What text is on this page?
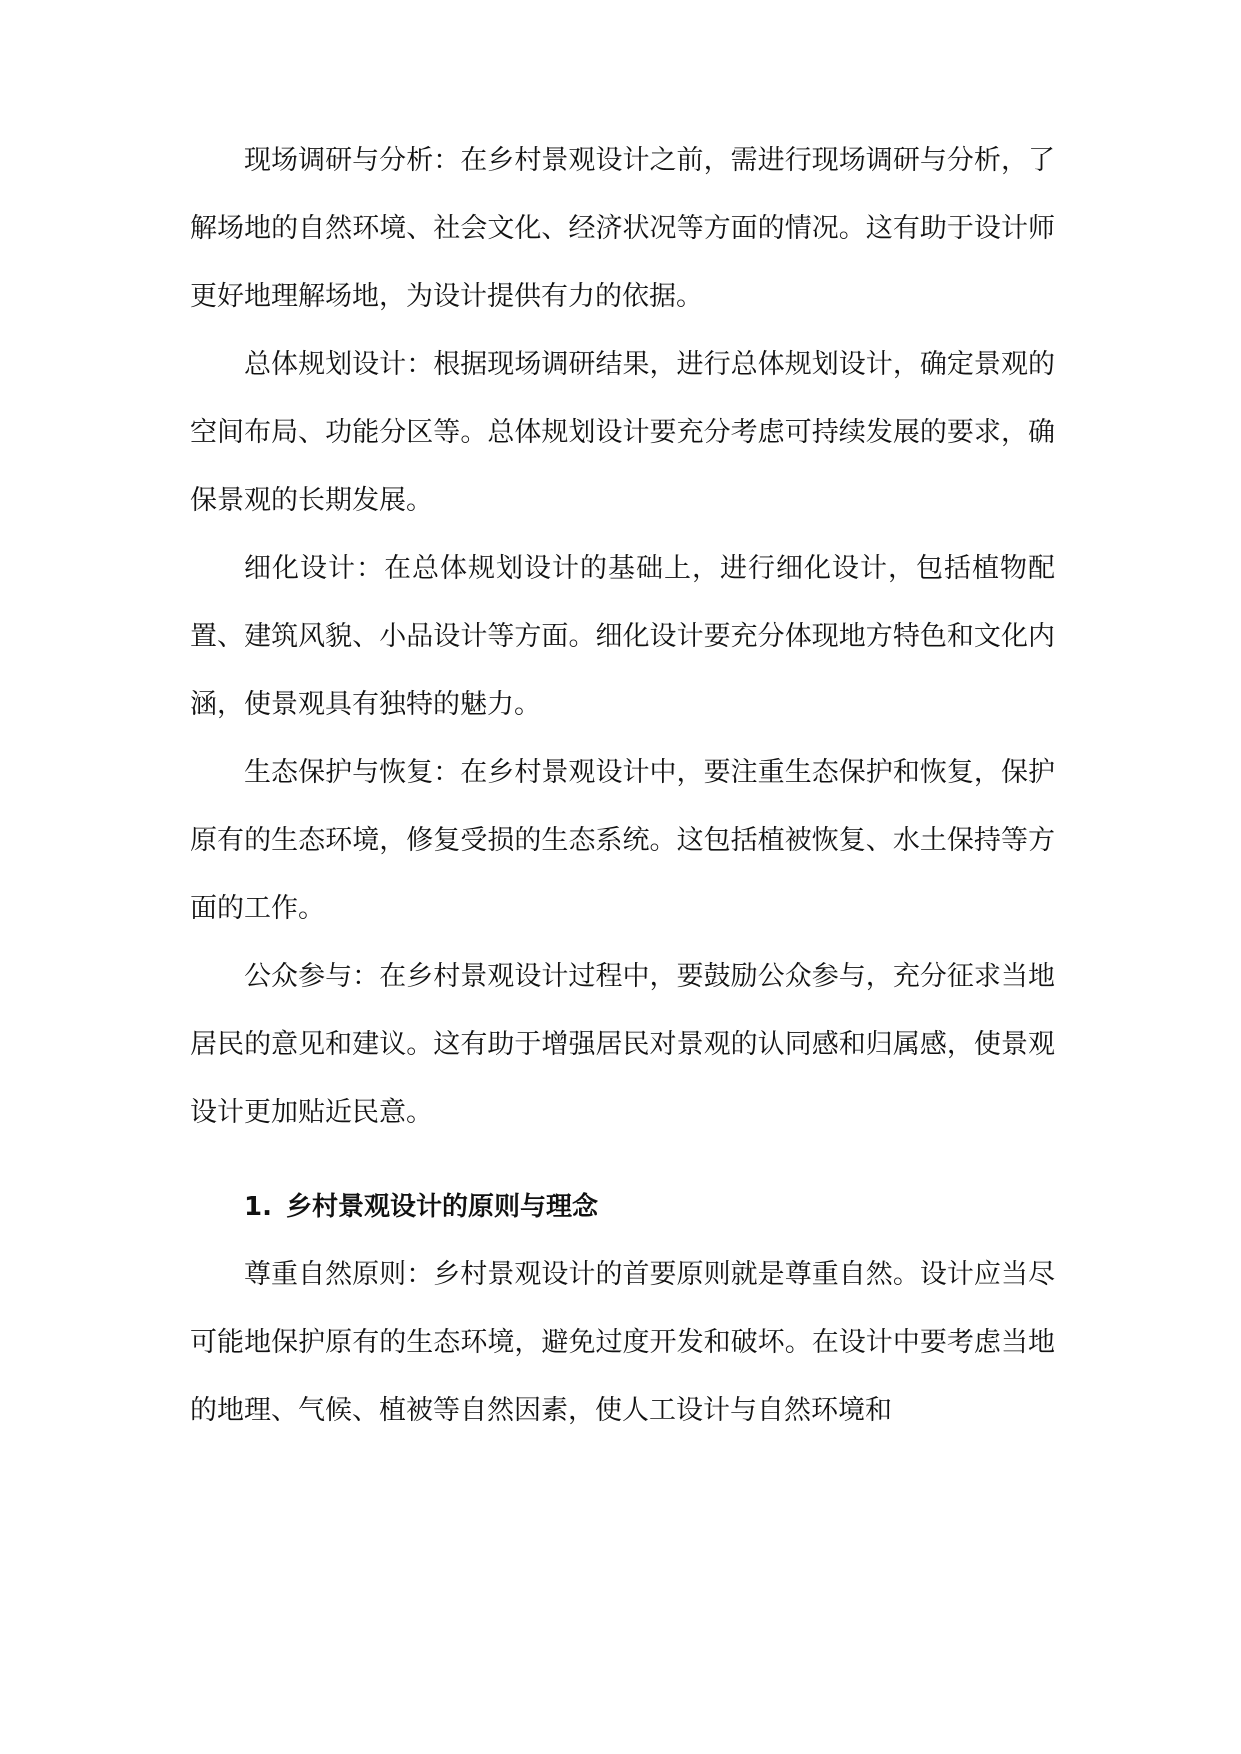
现场调研与分析：在乡村景观设计之前，需进行现场调研与分析，了解场地的自然环境、社会文化、经济状况等方面的情况。这有助于设计师更好地理解场地，为设计提供有力的依据。

总体规划设计：根据现场调研结果，进行总体规划设计，确定景观的空间布局、功能分区等。总体规划设计要充分考虑可持续发展的要求，确保景观的长期发展。

细化设计：在总体规划设计的基础上，进行细化设计，包括植物配置、建筑风貌、小品设计等方面。细化设计要充分体现地方特色和文化内涵，使景观具有独特的魅力。

生态保护与恢复：在乡村景观设计中，要注重生态保护和恢复，保护原有的生态环境，修复受损的生态系统。这包括植被恢复、水土保持等方面的工作。

公众参与：在乡村景观设计过程中，要鼓励公众参与，充分征求当地居民的意见和建议。这有助于增强居民对景观的认同感和归属感，使景观设计更加贴近民意。

1. 乡村景观设计的原则与理念

尊重自然原则：乡村景观设计的首要原则就是尊重自然。设计应当尽可能地保护原有的生态环境，避免过度开发和破坏。在设计中要考虑当地的地理、气候、植被等自然因素，使人工设计与自然环境和
